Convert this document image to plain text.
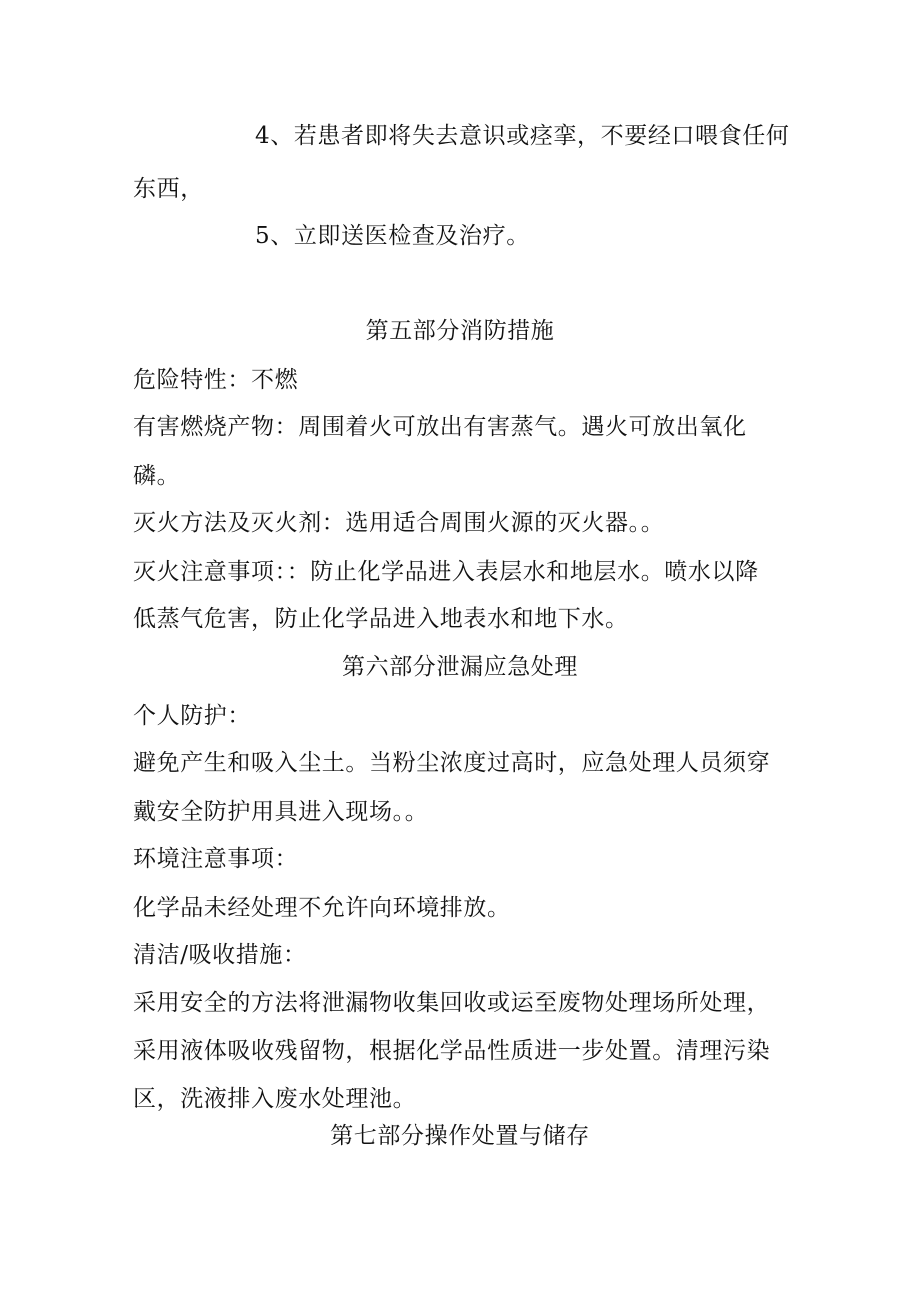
4、若患者即将失去意识或痉挛，不要经口喂食任何
东西，
5、立即送医检查及治疗。
第五部分消防措施
危险特性：不燃
有害燃烧产物：周围着火可放出有害蒸气。遇火可放出氧化
磷。
灭火方法及灭火剂：选用适合周围火源的灭火器。。
灭火注意事项：：防止化学品进入表层水和地层水。喷水以降
低蒸气危害，防止化学品进入地表水和地下水。
第六部分泄漏应急处理
个人防护：
避免产生和吸入尘土。当粉尘浓度过高时，应急处理人员须穿
戴安全防护用具进入现场。。
环境注意事项：
化学品未经处理不允许向环境排放。
清洁/吸收措施：
采用安全的方法将泄漏物收集回收或运至废物处理场所处理，
采用液体吸收残留物，根据化学品性质进一步处置。清理污染
区，洗液排入废水处理池。
第七部分操作处置与储存
